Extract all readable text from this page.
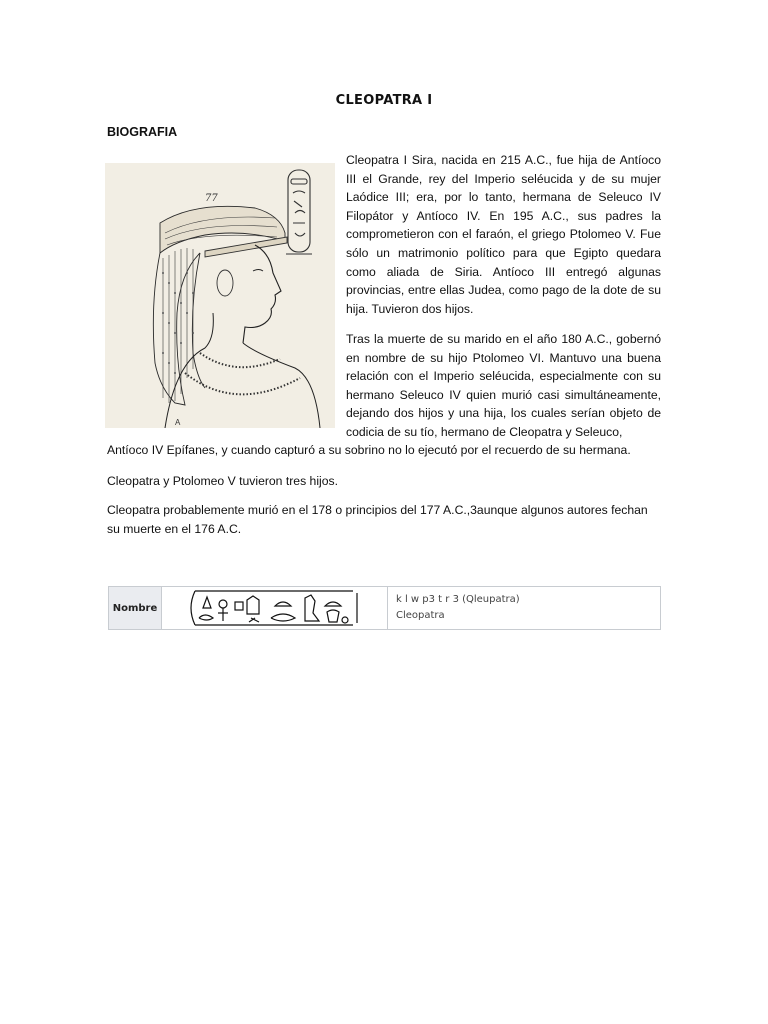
CLEOPATRA I
BIOGRAFIA
77
A
Cleopatra I Sira, nacida en 215 A.C., fue hija de Antíoco III el Grande, rey del Imperio seléucida y de su mujer Laódice III; era, por lo tanto, hermana de Seleuco IV Filopátor y Antíoco IV. En 195 A.C., sus padres la comprometieron con el faraón, el griego Ptolomeo V. Fue sólo un matrimonio político para que Egipto quedara como aliada de Siria. Antíoco III entregó algunas provincias, entre ellas Judea, como pago de la dote de su hija. Tuvieron dos hijos.
Tras la muerte de su marido en el año 180 A.C., gobernó en nombre de su hijo Ptolomeo VI. Mantuvo una buena relación con el Imperio seléucida, especialmente con su hermano Seleuco IV quien murió casi simultáneamente, dejando dos hijos y una hija, los cuales serían objeto de codicia de su tío, hermano de Cleopatra y Seleuco,
Antíoco IV Epífanes, y cuando capturó a su sobrino no lo ejecutó por el recuerdo de su hermana.
Cleopatra y Ptolomeo V tuvieron tres hijos.
Cleopatra probablemente murió en el 178 o principios del 177 A.C.,3aunque algunos autores fechan su muerte en el 176 A.C.
Nombre
k l w p3 t r 3 (Qleupatra)
Cleopatra
